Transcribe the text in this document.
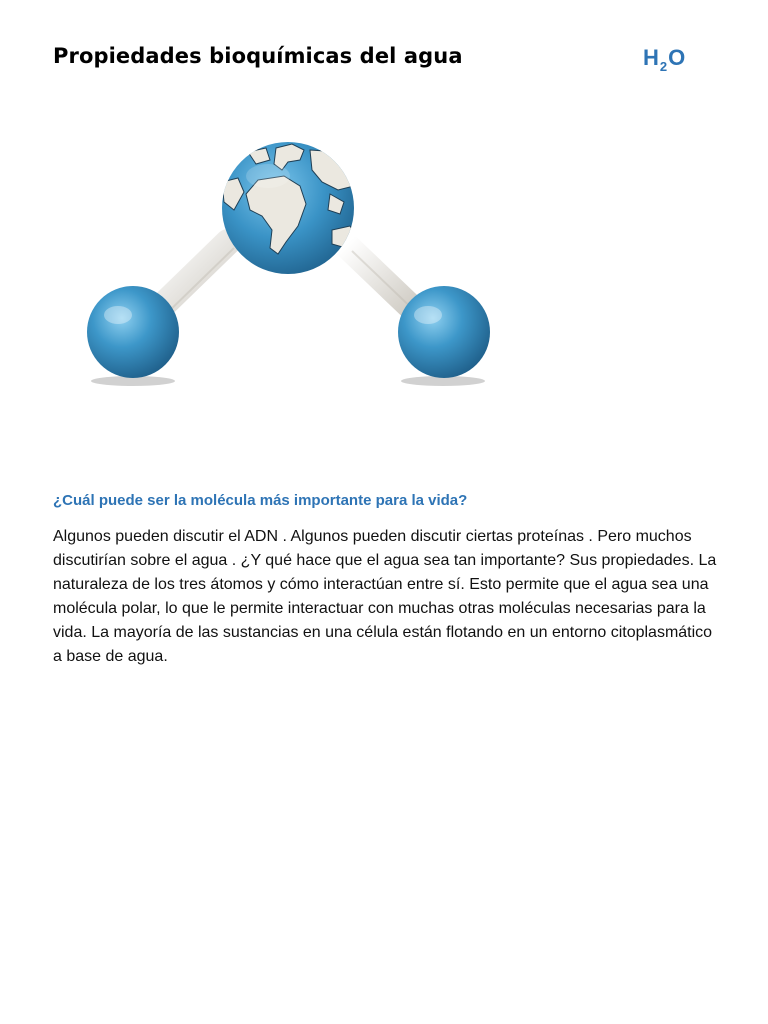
Propiedades bioquímicas del agua	$H_2O$
¿Cuál puede ser la molécula más importante para la vida?

Algunos pueden discutir el ADN . Algunos pueden discutir ciertas proteínas . Pero muchos discutirían sobre el agua . ¿Y qué hace que el agua sea tan importante? Sus propiedades. La naturaleza de los tres átomos y cómo interactúan entre sí. Esto permite que el agua sea una molécula polar, lo que le permite interactuar con muchas otras moléculas necesarias para la vida. La mayoría de las sustancias en una célula están flotando en un entorno citoplasmático a base de agua.
